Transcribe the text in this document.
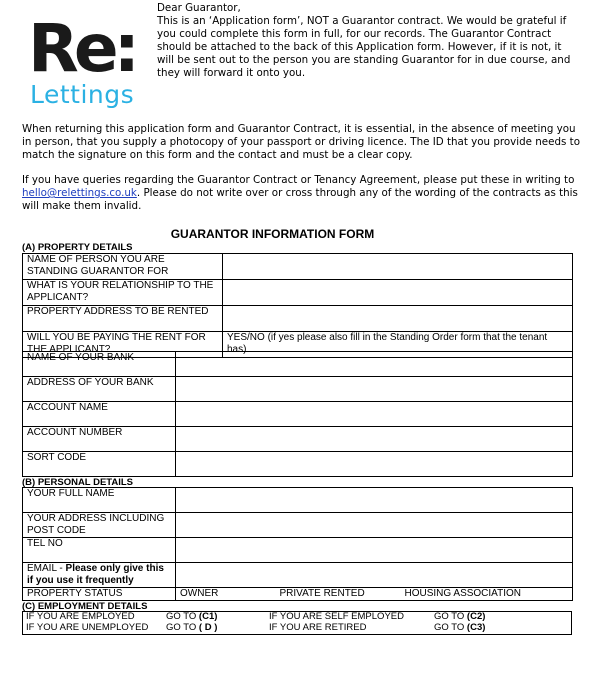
Re:
Lettings
Dear Guarantor,
This is an ‘Application form’, NOT a Guarantor contract. We would be grateful if you could complete this form in full, for our records. The Guarantor Contract should be attached to the back of this Application form. However, if it is not, it will be sent out to the person you are standing Guarantor for in due course, and they will forward it onto you.
When returning this application form and Guarantor Contract, it is essential, in the absence of meeting you in person, that you supply a photocopy of your passport or driving licence. The ID that you provide needs to match the signature on this form and the contact and must be a clear copy.
If you have queries regarding the Guarantor Contract or Tenancy Agreement, please put these in writing to hello@relettings.co.uk. Please do not write over or cross through any of the wording of the contracts as this will make them invalid.
GUARANTOR INFORMATION FORM
(A) PROPERTY DETAILS
NAME OF PERSON YOU ARE STANDING GUARANTOR FOR	
WHAT IS YOUR RELATIONSHIP TO THE APPLICANT?	
PROPERTY ADDRESS TO BE RENTED	
WILL YOU BE PAYING THE RENT FOR THE APPLICANT?	YES/NO (if yes please also fill in the Standing Order form that the tenant has)
NAME OF YOUR BANK	
ADDRESS OF YOUR BANK	
ACCOUNT NAME	
ACCOUNT NUMBER	
SORT CODE	
(B) PERSONAL DETAILS
YOUR FULL NAME		
YOUR ADDRESS INCLUDING POST CODE		
TEL NO		
EMAIL - Please only give this if you use it frequently		
PROPERTY STATUS	OWNER	PRIVATE RENTED HOUSING ASSOCIATION
(C) EMPLOYMENT DETAILS
IF YOU ARE EMPLOYED	GO TO (C1)	IF YOU ARE SELF EMPLOYED	GO TO (C2)
IF YOU ARE UNEMPLOYED	GO TO ( D )	IF YOU ARE RETIRED	GO TO (C3)
